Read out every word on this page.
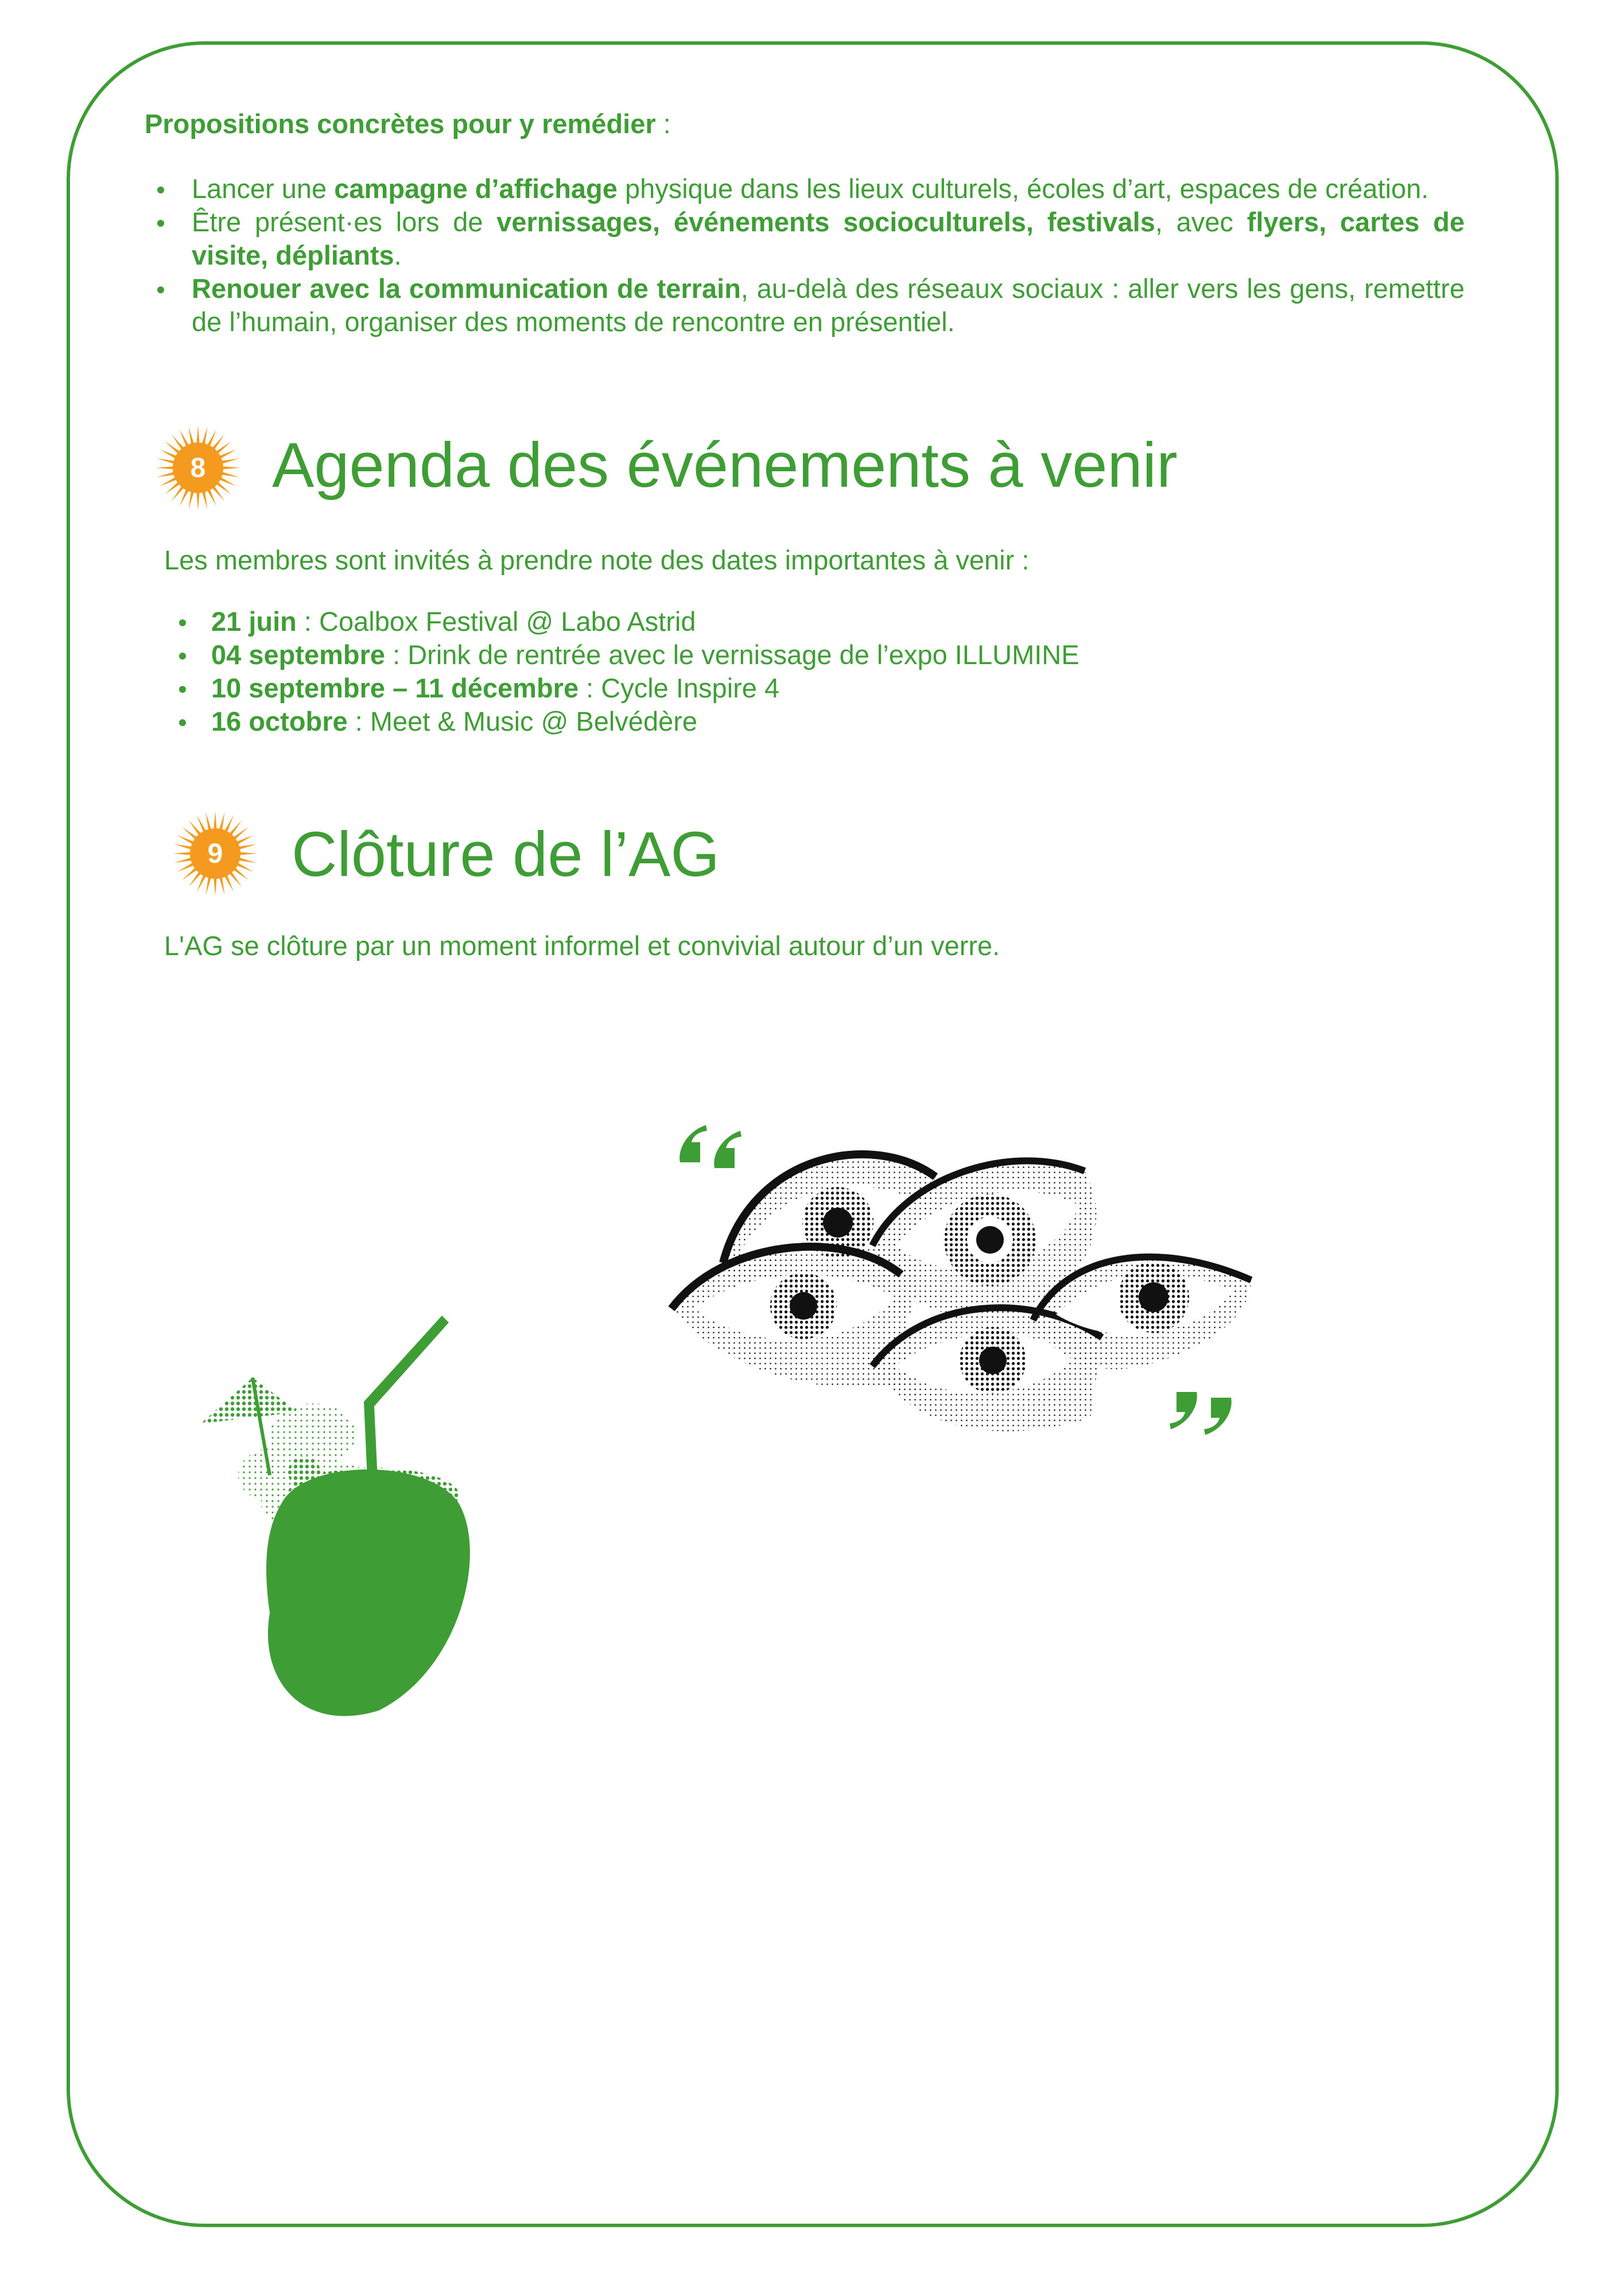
Propositions concrètes pour y remédier :
Lancer une campagne d’affichage physique dans les lieux culturels, écoles d’art, espaces de création.
Être présent·es lors de vernissages, événements socioculturels, festivals, avec flyers, cartes de visite, dépliants.
Renouer avec la communication de terrain, au-delà des réseaux sociaux : aller vers les gens, remettre de l’humain, organiser des moments de rencontre en présentiel.
8	Agenda des événements à venir

Les membres sont invités à prendre note des dates importantes à venir :

21 juin : Coalbox Festival @ Labo Astrid
04 septembre : Drink de rentrée avec le vernissage de l’expo ILLUMINE
10 septembre – 11 décembre : Cycle Inspire 4
16 octobre : Meet & Music @ Belvédère
9	Clôture de l’AG

L'AG se clôture par un moment informel et convivial autour d’un verre.
